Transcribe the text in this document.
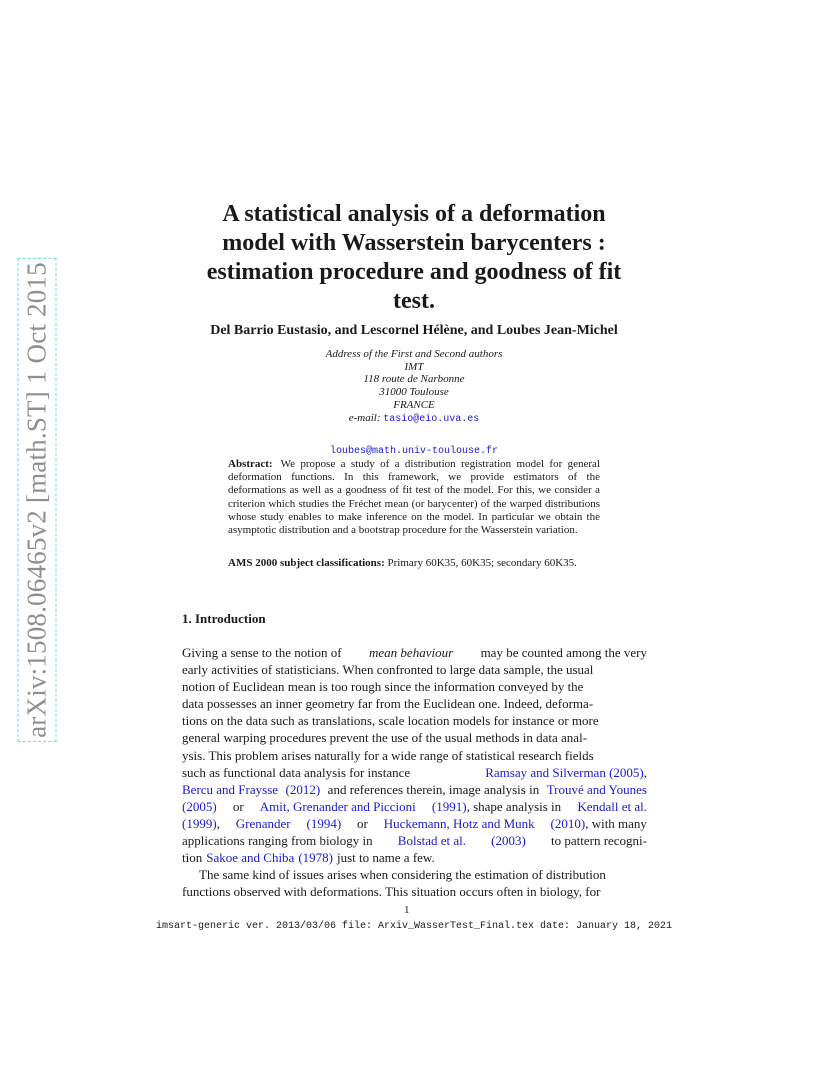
arXiv:1508.06465v2 [math.ST] 1 Oct 2015
A statistical analysis of a deformation
model with Wasserstein barycenters :
estimation procedure and goodness of fit
test.
Del Barrio Eustasio, and Lescornel Hélène, and Loubes Jean-Michel
Address of the First and Second authors
IMT
118 route de Narbonne
31000 Toulouse
FRANCE
e-mail: tasio@eio.uva.es
loubes@math.univ-toulouse.fr
Abstract: We propose a study of a distribution registration model for general deformation functions. In this framework, we provide estimators of the deformations as well as a goodness of fit test of the model. For this, we consider a criterion which studies the Fréchet mean (or barycenter) of the warped distributions whose study enables to make inference on the model. In particular we obtain the asymptotic distribution and a bootstrap procedure for the Wasserstein variation.
AMS 2000 subject classifications: Primary 60K35, 60K35; secondary 60K35.
1. Introduction
Giving a sense to the notion of mean behaviour may be counted among the very
early activities of statisticians. When confronted to large data sample, the usual
notion of Euclidean mean is too rough since the information conveyed by the
data possesses an inner geometry far from the Euclidean one. Indeed, deforma-
tions on the data such as translations, scale location models for instance or more
general warping procedures prevent the use of the usual methods in data anal-
ysis. This problem arises naturally for a wide range of statistical research fields
such as functional data analysis for instance	Ramsay and Silverman (2005),
Bercu and Fraysse (2012) and references therein, image analysis in Trouvé and Younes
(2005) or Amit, Grenander and Piccioni (1991), shape analysis in Kendall et al.
(1999), Grenander (1994) or Huckemann, Hotz and Munk (2010), with many
applications ranging from biology in Bolstad et al. (2003) to pattern recogni-
tion Sakoe and Chiba (1978) just to name a few.
The same kind of issues arises when considering the estimation of distribution
functions observed with deformations. This situation occurs often in biology, for
1
imsart-generic ver. 2013/03/06 file: Arxiv_WasserTest_Final.tex date: January 18, 2021
